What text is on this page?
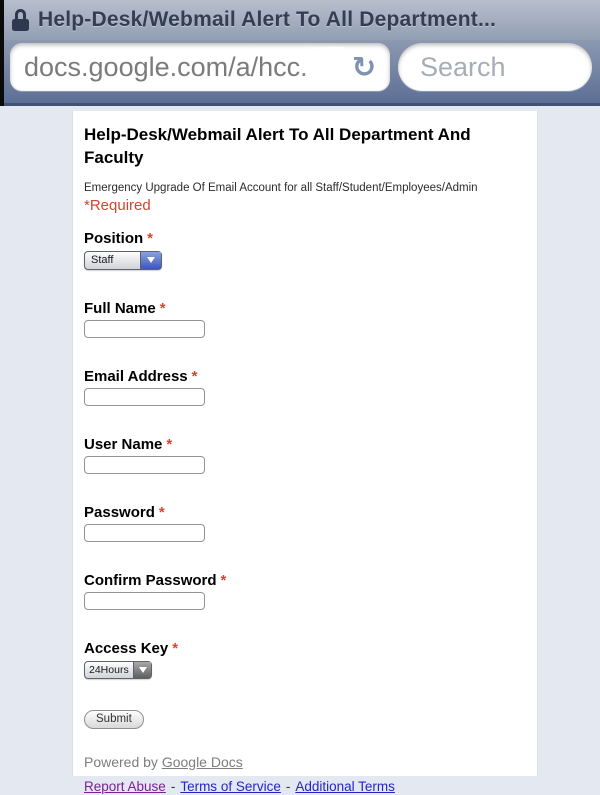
Help-Desk/Webmail Alert To All Department...
docs.google.com/a/hcc.
↻
Search
Help-Desk/Webmail Alert To All Department And Faculty

Emergency Upgrade Of Email Account for all Staff/Student/Employees/Admin

*Required

Position *
Staff
Full Name *
Email Address *
User Name *
Password *
Confirm Password *
Access Key *
24Hours
Submit
Powered by Google Docs
Report Abuse - Terms of Service - Additional Terms
